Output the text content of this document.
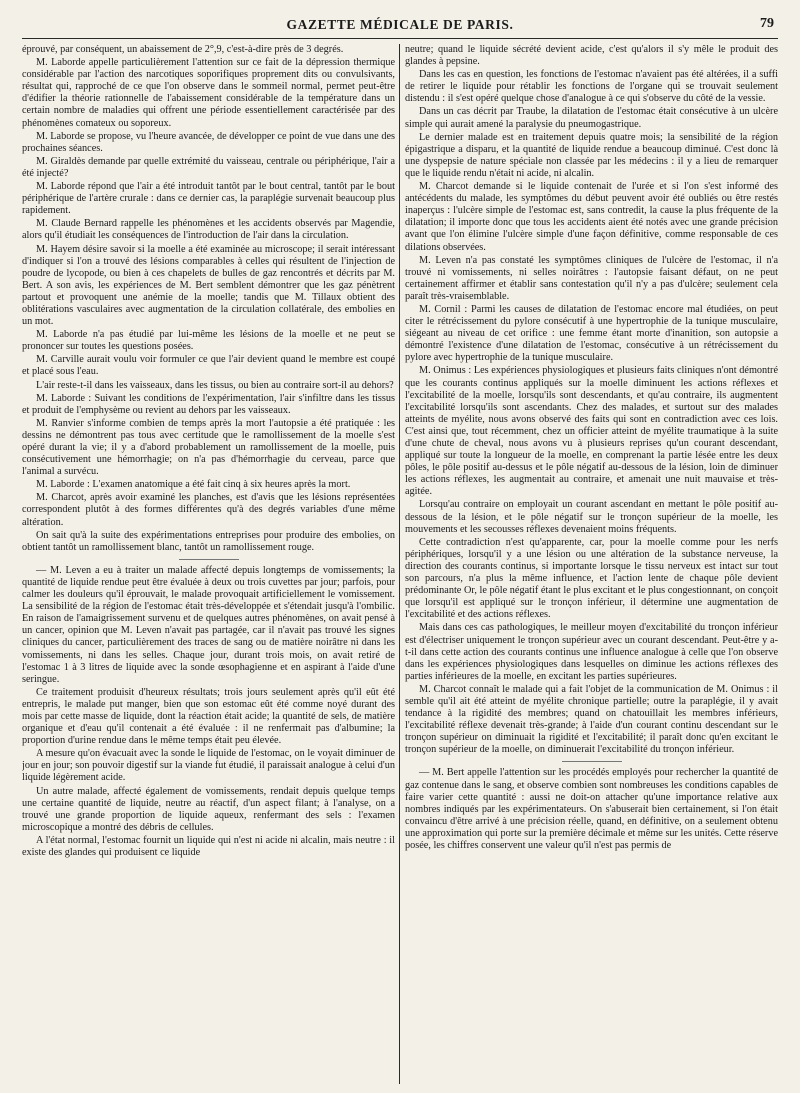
GAZETTE MÉDICALE DE PARIS.	79

éprouvé, par conséquent, un abaissement de 2°,9, c'est-à-dire près de 3 degrés.

M. Laborde appelle particulièrement l'attention sur ce fait de la dépression thermique considérable par l'action des narcotiques soporifiques proprement dits ou convulsivants, résultat qui, rapproché de ce que l'on observe dans le sommeil normal, permet peut-être d'édifier la théorie rationnelle de l'abaissement considérable de la température dans un certain nombre de maladies qui offrent une période essentiellement caractérisée par des phénomènes comateux ou soporeux.

M. Laborde se propose, vu l'heure avancée, de développer ce point de vue dans une des prochaines séances.

M. Giraldès demande par quelle extrémité du vaisseau, centrale ou périphérique, l'air a été injecté?

M. Laborde répond que l'air a été introduit tantôt par le bout central, tantôt par le bout périphérique de l'artère crurale : dans ce dernier cas, la paraplégie survenait beaucoup plus rapidement.

M. Claude Bernard rappelle les phénomènes et les accidents observés par Magendie, alors qu'il étudiait les conséquences de l'introduction de l'air dans la circulation.

M. Hayem désire savoir si la moelle a été examinée au microscope; il serait intéressant d'indiquer si l'on a trouvé des lésions comparables à celles qui résultent de l'injection de poudre de lycopode, ou bien à ces chapelets de bulles de gaz rencontrés et décrits par M. Bert. A son avis, les expériences de M. Bert semblent démontrer que les gaz pénètrent partout et provoquent une anémie de la moelle; tandis que M. Tillaux obtient des oblitérations vasculaires avec augmentation de la circulation collatérale, des embolies en un mot.

M. Laborde n'a pas étudié par lui-même les lésions de la moelle et ne peut se prononcer sur toutes les questions posées.

M. Carville aurait voulu voir formuler ce que l'air devient quand le membre est coupé et placé sous l'eau.

L'air reste-t-il dans les vaisseaux, dans les tissus, ou bien au contraire sort-il au dehors?

M. Laborde : Suivant les conditions de l'expérimentation, l'air s'infiltre dans les tissus et produit de l'emphysème ou revient au dehors par les vaisseaux.

M. Ranvier s'informe combien de temps après la mort l'autopsie a été pratiquée : les dessins ne démontrent pas tous avec certitude que le ramollissement de la moelle s'est opéré durant la vie; il y a d'abord probablement un ramollissement de la moelle, puis consécutivement une hémorrhagie; on n'a pas d'hémorrhagie du cerveau, parce que l'animal a survécu.

M. Laborde : L'examen anatomique a été fait cinq à six heures après la mort.

M. Charcot, après avoir examiné les planches, est d'avis que les lésions représentées correspondent plutôt à des formes différentes qu'à des degrés variables d'une même altération.

On sait qu'à la suite des expérimentations entreprises pour produire des embolies, on obtient tantôt un ramollissement blanc, tantôt un ramollissement rouge.

— M. Leven a eu à traiter un malade affecté depuis longtemps de vomissements; la quantité de liquide rendue peut être évaluée à deux ou trois cuvettes par jour; parfois, pour calmer les douleurs qu'il éprouvait, le malade provoquait artificiellement le vomissement. La sensibilité de la région de l'estomac était très-développée et s'étendait jusqu'à l'ombilic. En raison de l'amaigrissement survenu et de quelques autres phénomènes, on avait pensé à un cancer, opinion que M. Leven n'avait pas partagée, car il n'avait pas trouvé les signes cliniques du cancer, particulièrement des traces de sang ou de matière noirâtre ni dans les vomissements, ni dans les selles. Chaque jour, durant trois mois, on avait retiré de l'estomac 1 à 3 litres de liquide avec la sonde œsophagienne et en aspirant à l'aide d'une seringue.

Ce traitement produisit d'heureux résultats; trois jours seulement après qu'il eût été entrepris, le malade put manger, bien que son estomac eût été comme noyé durant des mois par cette masse de liquide, dont la réaction était acide; la quantité de sels, de matière organique et d'eau qu'il contenait a été évaluée : il ne renfermait pas d'albumine; la proportion d'urine rendue dans le même temps était peu élevée.

A mesure qu'on évacuait avec la sonde le liquide de l'estomac, on le voyait diminuer de jour en jour; son pouvoir digestif sur la viande fut étudié, il paraissait analogue à celui d'un liquide légèrement acide.

Un autre malade, affecté également de vomissements, rendait depuis quelque temps une certaine quantité de liquide, neutre au réactif, d'un aspect filant; à l'analyse, on a trouvé une grande proportion de liquide aqueux, renfermant des sels : l'examen microscopique a montré des débris de cellules.

A l'état normal, l'estomac fournit un liquide qui n'est ni acide ni alcalin, mais neutre : il existe des glandes qui produisent ce liquide

neutre; quand le liquide sécrété devient acide, c'est qu'alors il s'y mêle le produit des glandes à pepsine.

Dans les cas en question, les fonctions de l'estomac n'avaient pas été altérées, il a suffi de retirer le liquide pour rétablir les fonctions de l'organe qui se trouvait seulement distendu : il s'est opéré quelque chose d'analogue à ce qui s'observe du côté de la vessie.

Dans un cas décrit par Traube, la dilatation de l'estomac était consécutive à un ulcère simple qui aurait amené la paralysie du pneumogastrique.

Le dernier malade est en traitement depuis quatre mois; la sensibilité de la région épigastrique a disparu, et la quantité de liquide rendue a beaucoup diminué. C'est donc là une dyspepsie de nature spéciale non classée par les médecins : il y a lieu de remarquer que le liquide rendu n'était ni acide, ni alcalin.

M. Charcot demande si le liquide contenait de l'urée et si l'on s'est informé des antécédents du malade, les symptômes du début peuvent avoir été oubliés ou être restés inaperçus : l'ulcère simple de l'estomac est, sans contredit, la cause la plus fréquente de la dilatation; il importe donc que tous les accidents aient été notés avec une grande précision avant que l'on élimine l'ulcère simple d'une façon définitive, comme responsable de ces dilations observées.

M. Leven n'a pas constaté les symptômes cliniques de l'ulcère de l'estomac, il n'a trouvé ni vomissements, ni selles noirâtres : l'autopsie faisant défaut, on ne peut certainement affirmer et établir sans contestation qu'il n'y a pas d'ulcère; seulement cela paraît très-vraisemblable.

M. Cornil : Parmi les causes de dilatation de l'estomac encore mal étudiées, on peut citer le rétrécissement du pylore consécutif à une hypertrophie de la tunique musculaire, siégeant au niveau de cet orifice : une femme étant morte d'inanition, son autopsie a démontré l'existence d'une dilatation de l'estomac, consécutive à un rétrécissement du pylore avec hypertrophie de la tunique musculaire.

M. Onimus : Les expériences physiologiques et plusieurs faits cliniques n'ont démontré que les courants continus appliqués sur la moelle diminuent les actions réflexes et l'excitabilité de la moelle, lorsqu'ils sont descendants, et qu'au contraire, ils augmentent l'excitabilité lorsqu'ils sont ascendants. Chez des malades, et surtout sur des malades atteints de myélite, nous avons observé des faits qui sont en contradiction avec ces lois. C'est ainsi que, tout récemment, chez un officier atteint de myélite traumatique à la suite d'une chute de cheval, nous avons vu à plusieurs reprises qu'un courant descendant, appliqué sur toute la longueur de la moelle, en comprenant la partie lésée entre les deux pôles, le pôle positif au-dessus et le pôle négatif au-dessous de la lésion, loin de diminuer les actions réflexes, les augmentait au contraire, et amenait une nuit mauvaise et très-agitée.

Lorsqu'au contraire on employait un courant ascendant en mettant le pôle positif au-dessous de la lésion, et le pôle négatif sur le tronçon supérieur de la moelle, les mouvements et les secousses réflexes devenaient moins fréquents.

Cette contradiction n'est qu'apparente, car, pour la moelle comme pour les nerfs périphériques, lorsqu'il y a une lésion ou une altération de la substance nerveuse, la direction des courants continus, si importante lorsque le tissu nerveux est intact sur tout son parcours, n'a plus la même influence, et l'action lente de chaque pôle devient prédominante Or, le pôle négatif étant le plus excitant et le plus congestionnant, on conçoit que lorsqu'il est appliqué sur le tronçon inférieur, il détermine une augmentation de l'excitabilité et des actions réflexes.

Mais dans ces cas pathologiques, le meilleur moyen d'excitabilité du tronçon inférieur est d'électriser uniquement le tronçon supérieur avec un courant descendant. Peut-être y a-t-il dans cette action des courants continus une influence analogue à celle que l'on observe dans les expériences physiologiques dans lesquelles on diminue les actions réflexes des parties inférieures de la moelle, en excitant les parties supérieures.

M. Charcot connaît le malade qui a fait l'objet de la communication de M. Onimus : il semble qu'il ait été atteint de myélite chronique partielle; outre la paraplégie, il y avait tendance à la rigidité des membres; quand on chatouillait les membres inférieurs, l'excitabilité réflexe devenait très-grande; à l'aide d'un courant continu descendant sur le tronçon supérieur on diminuait la rigidité et l'excitabilité; il paraît donc qu'en excitant le tronçon supérieur de la moelle, on diminuerait l'excitabilité du tronçon inférieur.

— M. Bert appelle l'attention sur les procédés employés pour rechercher la quantité de gaz contenue dans le sang, et observe combien sont nombreuses les conditions capables de faire varier cette quantité : aussi ne doit-on attacher qu'une importance relative aux nombres indiqués par les expérimentateurs. On s'abuserait bien certainement, si l'on était convaincu d'être arrivé à une précision réelle, quand, en définitive, on a seulement obtenu une approximation qui porte sur la première décimale et même sur les unités. Cette réserve posée, les chiffres conservent une valeur qu'il n'est pas permis de
